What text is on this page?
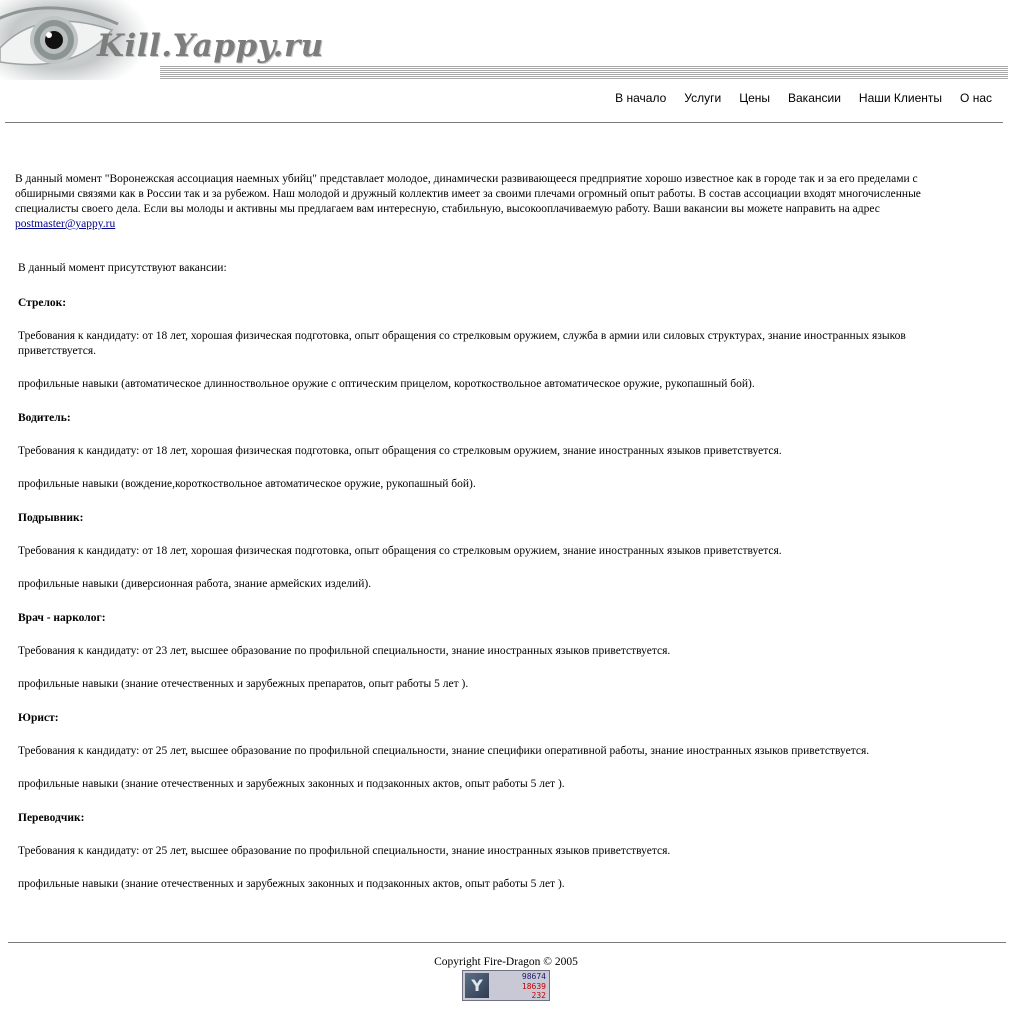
Kill.Yappy.ru
В начало Услуги Цены Вакансии Наши Клиенты О нас
В данный момент "Воронежская ассоциация наемных убийц" представлает молодое, динамически развивающееся предприятие хорошо известное как в городе так и за его пределами с обширными связями как в России так и за рубежом. Наш молодой и дружный коллектив имеет за своими плечами огромный опыт работы. В состав ассоциации входят многочисленные специалисты своего дела. Если вы молоды и активны мы предлагаем вам интересную, стабильную, высокооплачиваемую работу. Ваши вакансии вы можете направить на адрес
postmaster@yappy.ru

В данный момент присутствуют вакансии:

Стрелок:

Требования к кандидату: от 18 лет, хорошая физическая подготовка, опыт обращения со стрелковым оружием, служба в армии или силовых структурах, знание иностранных языков приветствуется.

профильные навыки (автоматическое длинноствольное оружие с оптическим прицелом, короткоствольное автоматическое оружие, рукопашный бой).

Водитель:

Требования к кандидату: от 18 лет, хорошая физическая подготовка, опыт обращения со стрелковым оружием, знание иностранных языков приветствуется.

профильные навыки (вождение,короткоствольное автоматическое оружие, рукопашный бой).

Подрывник:

Требования к кандидату: от 18 лет, хорошая физическая подготовка, опыт обращения со стрелковым оружием, знание иностранных языков приветствуется.

профильные навыки (диверсионная работа, знание армейских изделий).

Врач - нарколог:

Требования к кандидату: от 23 лет, высшее образование по профильной специальности, знание иностранных языков приветствуется.

профильные навыки (знание отечественных и зарубежных препаратов, опыт работы 5 лет ).

Юрист:

Требования к кандидату: от 25 лет, высшее образование по профильной специальности, знание специфики оперативной работы, знание иностранных языков приветствуется.

профильные навыки (знание отечественных и зарубежных законных и подзаконных актов, опыт работы 5 лет ).

Переводчик:

Требования к кандидату: от 25 лет, высшее образование по профильной специальности, знание иностранных языков приветствуется.

профильные навыки (знание отечественных и зарубежных законных и подзаконных актов, опыт работы 5 лет ).

Copyright Fire-Dragon © 2005
Y	98674
18639
232
